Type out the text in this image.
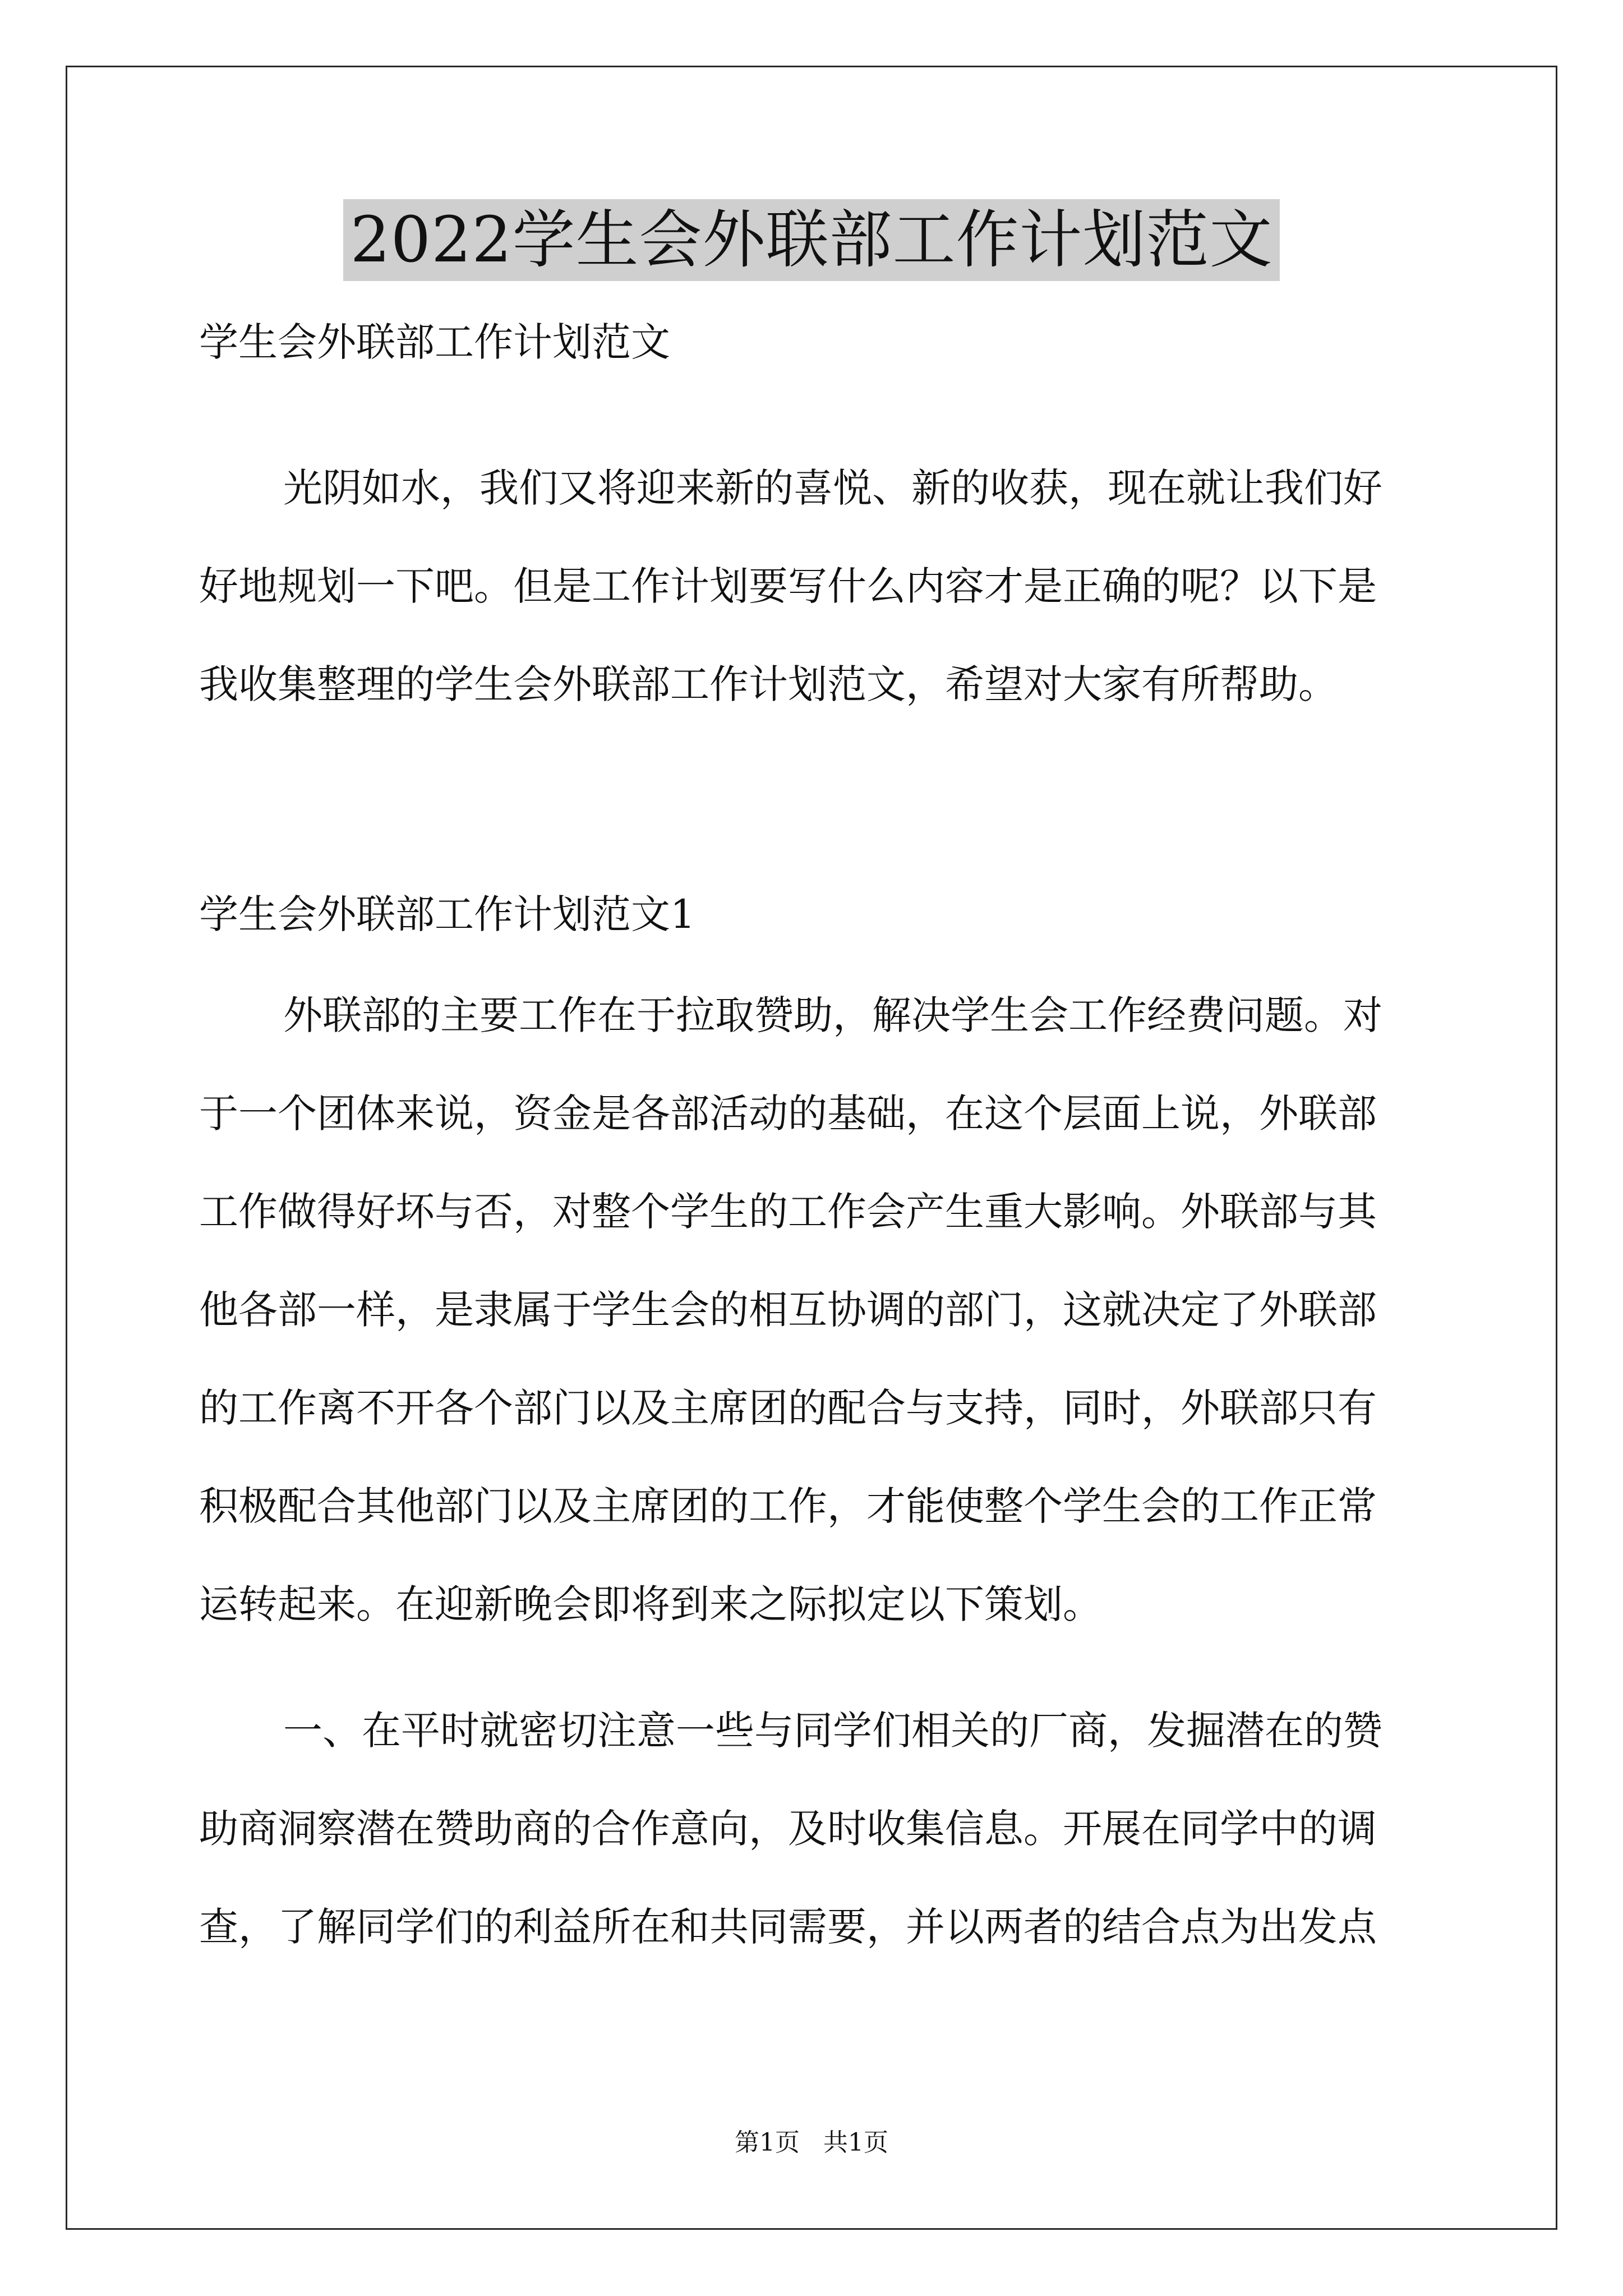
2022学生会外联部工作计划范文
学生会外联部工作计划范文
光阴如水，我们又将迎来新的喜悦、新的收获，现在就让我们好
好地规划一下吧。但是工作计划要写什么内容才是正确的呢？以下是
我收集整理的学生会外联部工作计划范文，希望对大家有所帮助。
学生会外联部工作计划范文1
外联部的主要工作在于拉取赞助，解决学生会工作经费问题。对
于一个团体来说，资金是各部活动的基础，在这个层面上说，外联部
工作做得好坏与否，对整个学生的工作会产生重大影响。外联部与其
他各部一样，是隶属于学生会的相互协调的部门，这就决定了外联部
的工作离不开各个部门以及主席团的配合与支持，同时，外联部只有
积极配合其他部门以及主席团的工作，才能使整个学生会的工作正常
运转起来。在迎新晚会即将到来之际拟定以下策划。
一、在平时就密切注意一些与同学们相关的厂商，发掘潜在的赞
助商洞察潜在赞助商的合作意向，及时收集信息。开展在同学中的调
查，了解同学们的利益所在和共同需要，并以两者的结合点为出发点
第1页   共1页
